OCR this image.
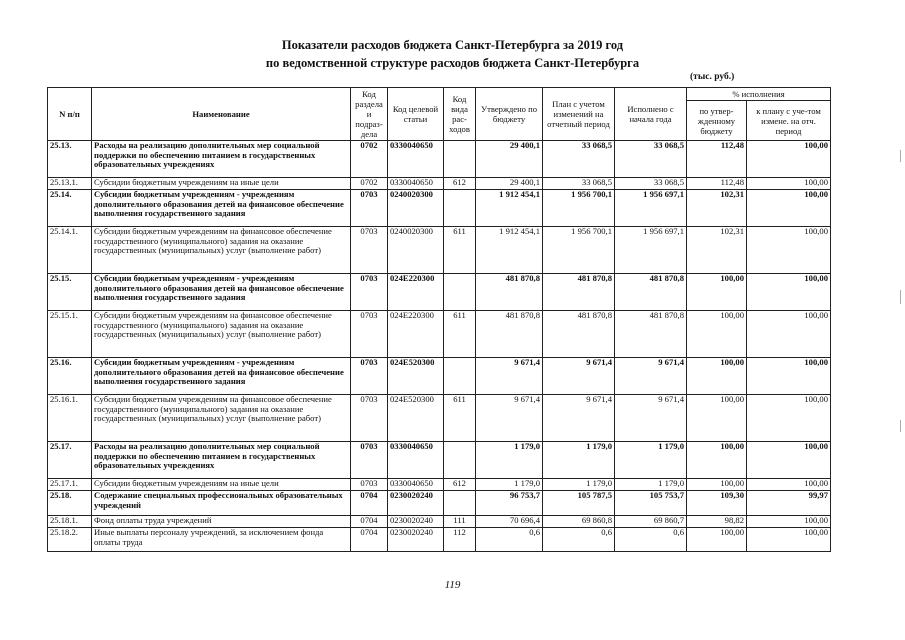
Показатели расходов бюджета Санкт-Петербурга за 2019 год
по ведомственной структуре расходов бюджета Санкт-Петербурга
(тыс. руб.)
N п/п	Наименование	Код раздела и подраз-дела	Код целевой статьи	Код вида рас-ходов	Утверждено по бюджету	План с учетом изменений на отчетный период	Исполнено с начала года	% исполнения	
								по утвер-жденному бюджету	к плану с уче-том измене. на отч. период
25.13.	Расходы на реализацию дополнительных мер социальной поддержки по обеспечению питанием в государственных образовательных учреждениях	0702	0330040650		29 400,1	33 068,5	33 068,5	112,48	100,00
25.13.1.	Субсидии бюджетным учреждениям на иные цели	0702	0330040650	612	29 400,1	33 068,5	33 068,5	112,48	100,00
25.14.	Субсидии бюджетным учреждениям - учреждениям дополнительного образования детей на финансовое обеспечение выполнения государственного задания	0703	0240020300		1 912 454,1	1 956 700,1	1 956 697,1	102,31	100,00
25.14.1.	Субсидии бюджетным учреждениям на финансовое обеспечение государственного (муниципального) задания на оказание государственных (муниципальных) услуг (выполнение работ)	0703	0240020300	611	1 912 454,1	1 956 700,1	1 956 697,1	102,31	100,00
25.15.	Субсидии бюджетным учреждениям - учреждениям дополнительного образования детей на финансовое обеспечение выполнения государственного задания	0703	024Е220300		481 870,8	481 870,8	481 870,8	100,00	100,00
25.15.1.	Субсидии бюджетным учреждениям на финансовое обеспечение государственного (муниципального) задания на оказание государственных (муниципальных) услуг (выполнение работ)	0703	024Е220300	611	481 870,8	481 870,8	481 870,8	100,00	100,00
25.16.	Субсидии бюджетным учреждениям - учреждениям дополнительного образования детей на финансовое обеспечение выполнения государственного задания	0703	024Е520300		9 671,4	9 671,4	9 671,4	100,00	100,00
25.16.1.	Субсидии бюджетным учреждениям на финансовое обеспечение государственного (муниципального) задания на оказание государственных (муниципальных) услуг (выполнение работ)	0703	024Е520300	611	9 671,4	9 671,4	9 671,4	100,00	100,00
25.17.	Расходы на реализацию дополнительных мер социальной поддержки по обеспечению питанием в государственных образовательных учреждениях	0703	0330040650		1 179,0	1 179,0	1 179,0	100,00	100,00
25.17.1.	Субсидии бюджетным учреждениям на иные цели	0703	0330040650	612	1 179,0	1 179,0	1 179,0	100,00	100,00
25.18.	Содержание специальных профессиональных образовательных учреждений	0704	0230020240		96 753,7	105 787,5	105 753,7	109,30	99,97
25.18.1.	Фонд оплаты труда учреждений	0704	0230020240	111	70 696,4	69 860,8	69 860,7	98,82	100,00
25.18.2.	Иные выплаты персоналу учреждений, за исключением фонда оплаты труда	0704	0230020240	112	0,6	0,6	0,6	100,00	100,00
119
